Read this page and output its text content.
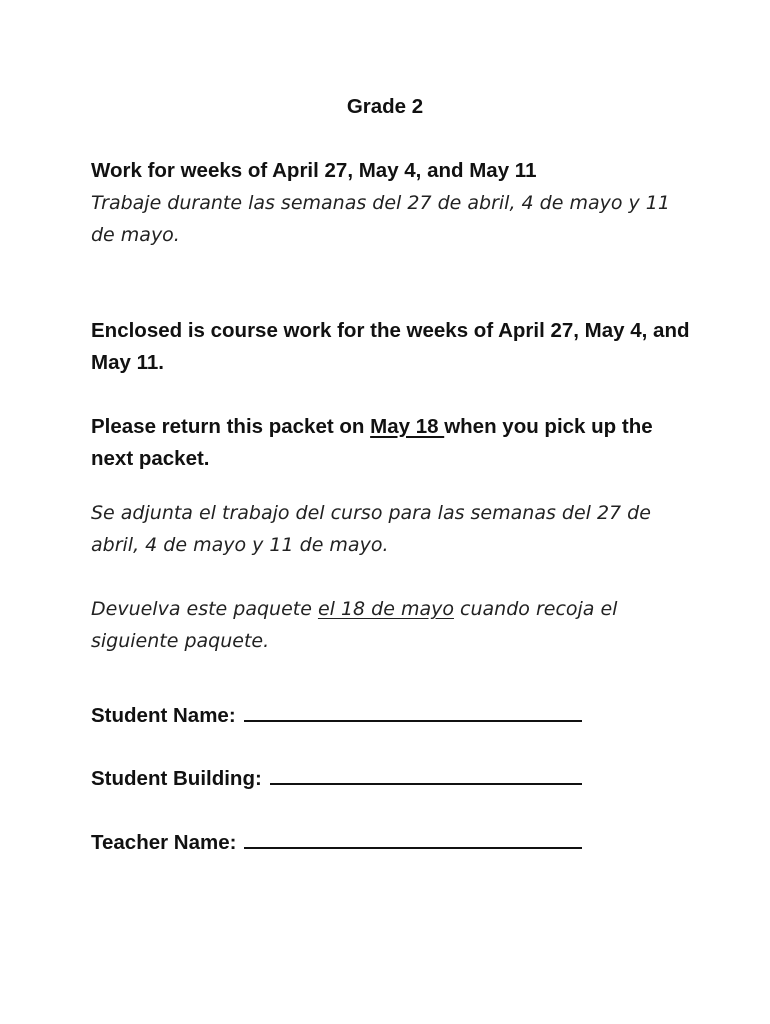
Grade 2

Work for weeks of April 27, May 4, and May 11

Trabaje durante las semanas del 27 de abril, 4 de mayo y 11 de mayo.

Enclosed is course work for the weeks of April 27, May 4, and May 11.

Please return this packet on May 18 when you pick up the next packet.

Se adjunta el trabajo del curso para las semanas del 27 de abril, 4 de mayo y 11 de mayo.

Devuelva este paquete el 18 de mayo cuando recoja el siguiente paquete.

Student Name:
Student Building:
Teacher Name:
